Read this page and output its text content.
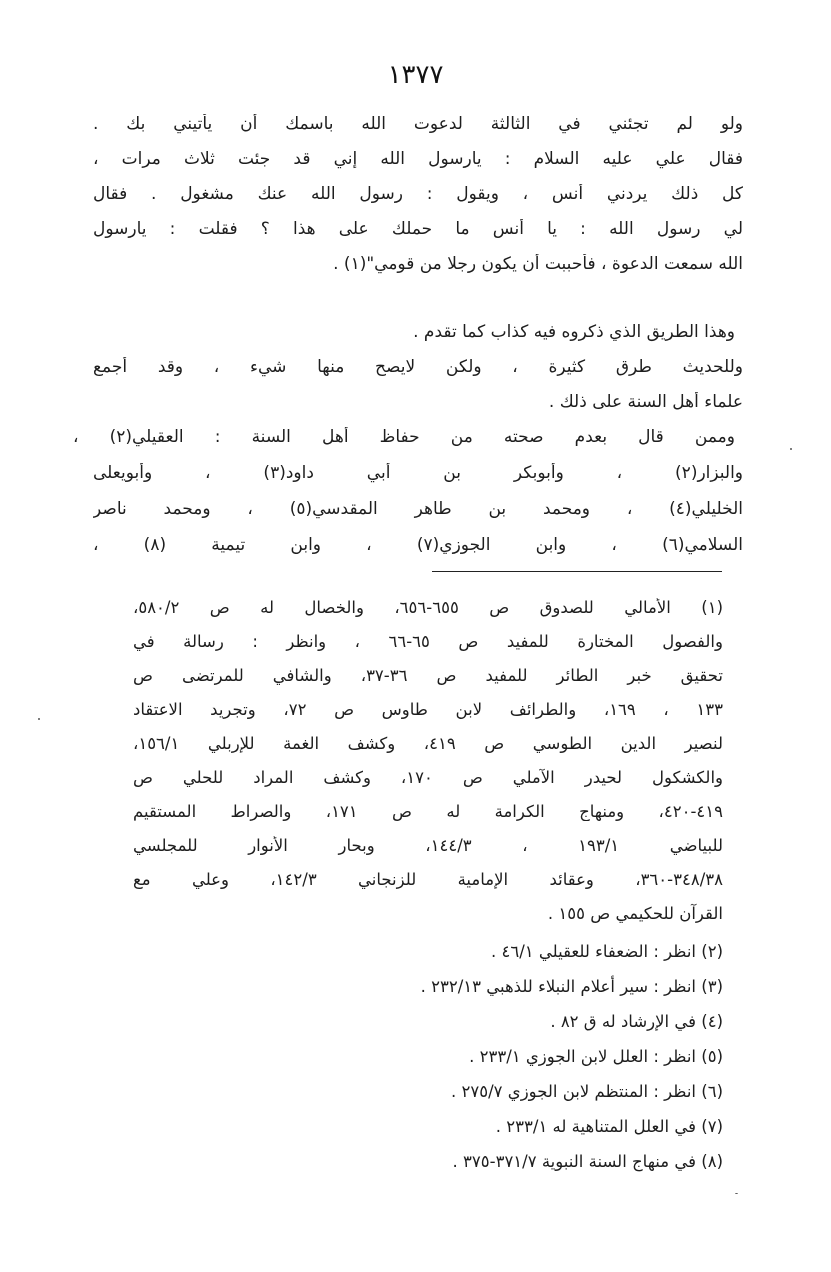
١٣٧٧
ولو لم تجئني في الثالثة لدعوت الله باسمك أن يأتيني بك .
فقال علي عليه السلام : يارسول الله إني قد جئت ثلاث مرات ،
كل ذلك يردني أنس ، ويقول : رسول الله عنك مشغول . فقال
لي رسول الله : يا أنس ما حملك على هذا ؟ فقلت : يارسول
الله سمعت الدعوة ، فأحببت أن يكون رجلا من قومي"(١) .
وهذا الطريق الذي ذكروه فيه كذاب كما تقدم .
وللحديث طرق كثيرة ، ولكن لايصح منها شيء ، وقد أجمع
علماء أهل السنة على ذلك .
وممن قال بعدم صحته من حفاظ أهل السنة : العقيلي(٢) ،
والبزار(٢) ، وأبوبكر بن أبي داود(٣) ، وأبويعلى
الخليلي(٤) ، ومحمد بن طاهر المقدسي(٥) ، ومحمد ناصر
السلامي(٦) ، وابن الجوزي(٧) ، وابن تيمية (٨) ،
(١) الأمالي للصدوق ص ٦٥٥-٦٥٦، والخصال له ص ٥٨٠/٢،
والفصول المختارة للمفيد ص ٦٥-٦٦ ، وانظر : رسالة في
تحقيق خبر الطائر للمفيد ص ٣٦-٣٧، والشافي للمرتضى ص
١٣٣ ، ١٦٩، والطرائف لابن طاوس ص ٧٢، وتجريد الاعتقاد
لنصير الدين الطوسي ص ٤١٩، وكشف الغمة للإربلي ١٥٦/١،
والكشكول لحيدر الآملي ص ١٧٠، وكشف المراد للحلي ص
٤١٩-٤٢٠، ومنهاج الكرامة له ص ١٧١، والصراط المستقيم
للبياضي ١٩٣/١ ، ١٤٤/٣، وبحار الأنوار للمجلسي
٣٤٨/٣٨-٣٦٠، وعقائد الإمامية للزنجاني ١٤٢/٣، وعلي مع
القرآن للحكيمي ص ١٥٥ .
(٢) انظر : الضعفاء للعقيلي ٤٦/١ .
(٣) انظر : سير أعلام النبلاء للذهبي ٢٣٢/١٣ .
(٤) في الإرشاد له ق ٨٢ .
(٥) انظر : العلل لابن الجوزي ٢٣٣/١ .
(٦) انظر : المنتظم لابن الجوزي ٢٧٥/٧ .
(٧) في العلل المتناهية له ٢٣٣/١ .
(٨) في منهاج السنة النبوية ٣٧١/٧-٣٧٥ .
